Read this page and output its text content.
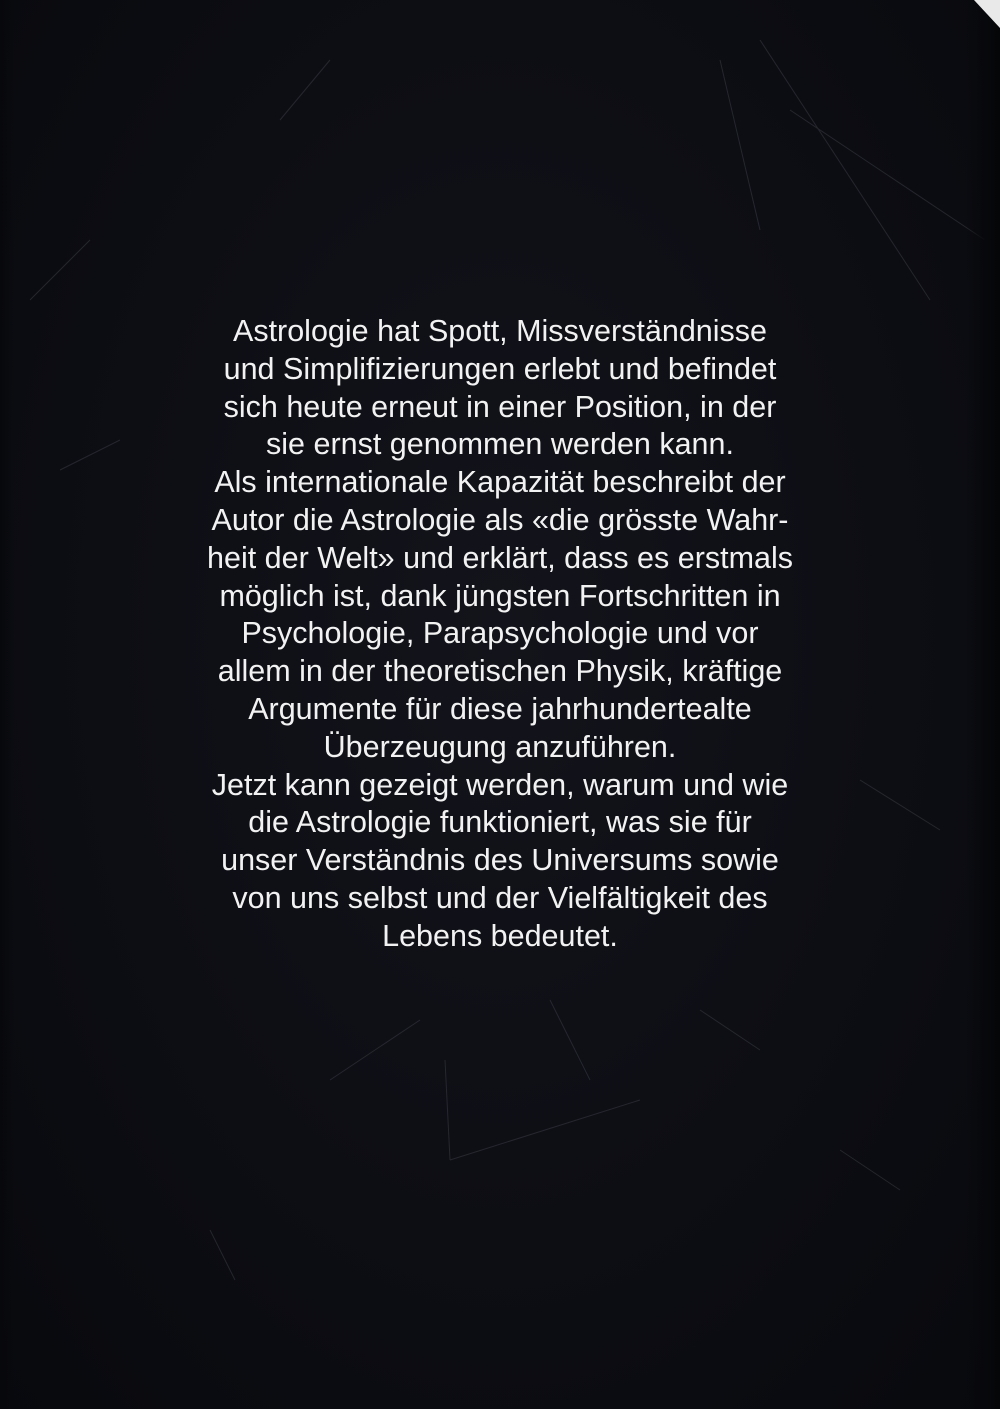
Astrologie hat Spott, Missverständnisse
und Simplifizierungen erlebt und befindet
sich heute erneut in einer Position, in der
sie ernst genommen werden kann.
Als internationale Kapazität beschreibt der
Autor die Astrologie als «die grösste Wahr-
heit der Welt» und erklärt, dass es erstmals
möglich ist, dank jüngsten Fortschritten in
Psychologie, Parapsychologie und vor
allem in der theoretischen Physik, kräftige
Argumente für diese jahrhundertealte
Überzeugung anzuführen.
Jetzt kann gezeigt werden, warum und wie
die Astrologie funktioniert, was sie für
unser Verständnis des Universums sowie
von uns selbst und der Vielfältigkeit des
Lebens bedeutet.
